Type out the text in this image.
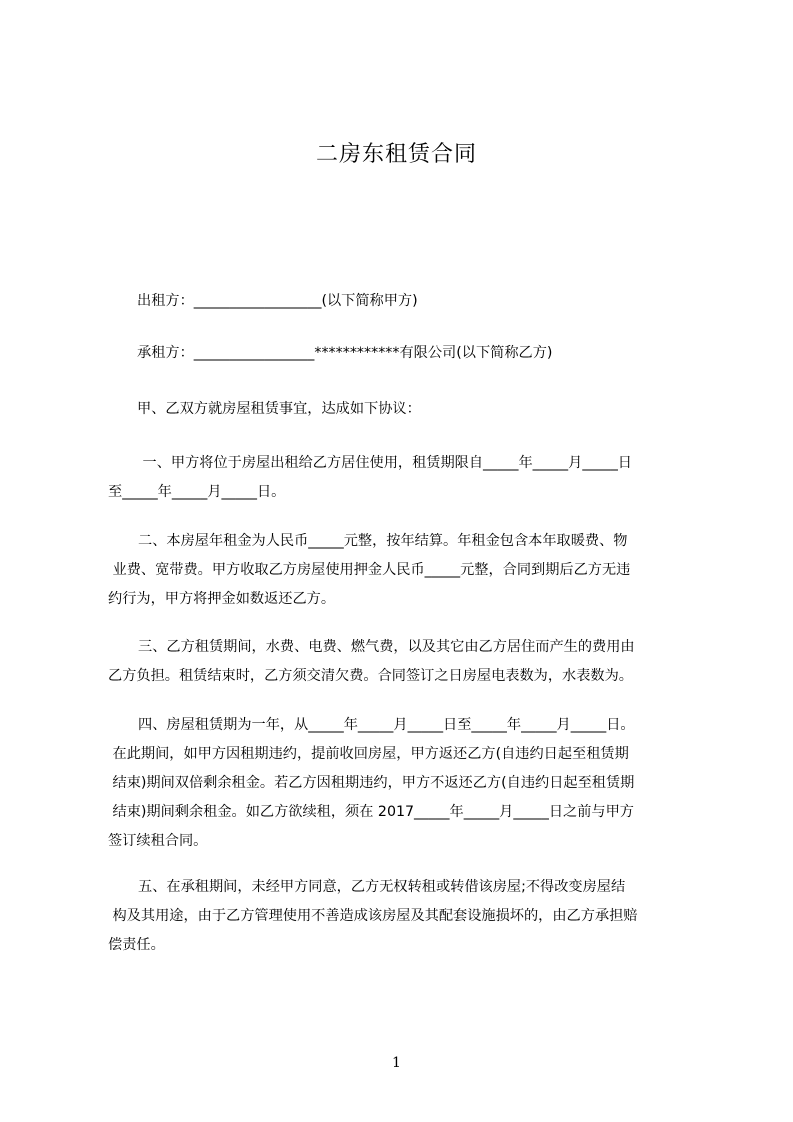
二房东租赁合同
出租方：__________________(以下简称甲方)
承租方：_________________************有限公司(以下简称乙方)
甲、乙双方就房屋租赁事宜，达成如下协议：
一、甲方将位于房屋出租给乙方居住使用，租赁期限自_____年_____月_____日
至_____年_____月_____日。
二、本房屋年租金为人民币_____元整，按年结算。年租金包含本年取暖费、物
业费、宽带费。甲方收取乙方房屋使用押金人民币_____元整，合同到期后乙方无违
约行为，甲方将押金如数返还乙方。
三、乙方租赁期间，水费、电费、燃气费，以及其它由乙方居住而产生的费用由
乙方负担。租赁结束时，乙方须交清欠费。合同签订之日房屋电表数为，水表数为。
四、房屋租赁期为一年，从_____年_____月_____日至_____年_____月_____日。
在此期间，如甲方因租期违约，提前收回房屋，甲方返还乙方(自违约日起至租赁期
结束)期间双倍剩余租金。若乙方因租期违约，甲方不返还乙方(自违约日起至租赁期
结束)期间剩余租金。如乙方欲续租，须在 2017_____年_____月_____日之前与甲方
签订续租合同。
五、在承租期间，未经甲方同意，乙方无权转租或转借该房屋;不得改变房屋结
构及其用途，由于乙方管理使用不善造成该房屋及其配套设施损坏的，由乙方承担赔
偿责任。
1
